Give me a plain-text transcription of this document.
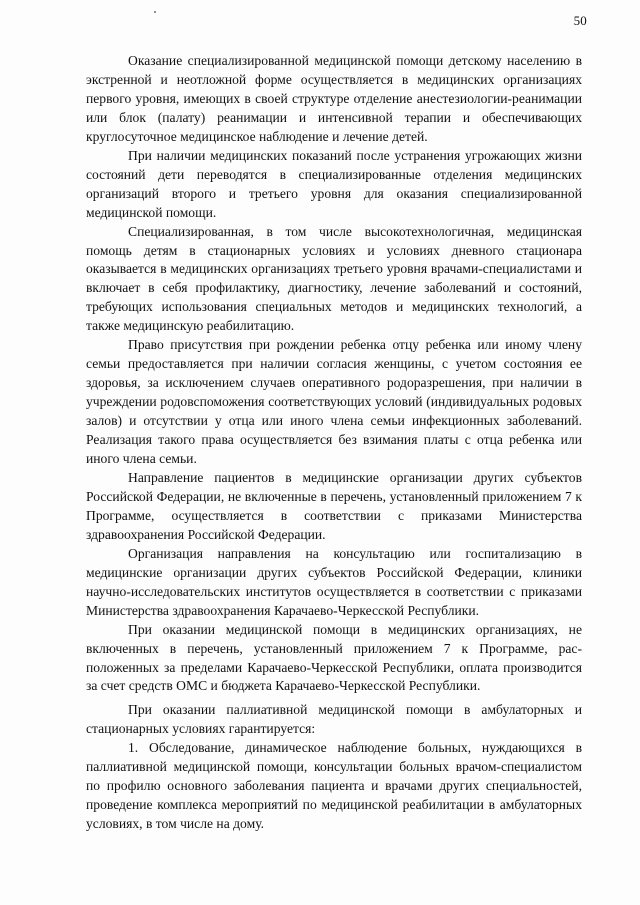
50

Оказание специализированной медицинской помощи детскому населению в экстренной и неотложной форме осуществляется в медицинских организациях первого уровня, имеющих в своей структуре отделение анестезиологии-реанимации или блок (палату) реанимации и интенсивной терапии и обеспечивающих круглосуточное медицинское наблюдение и лечение детей.

При наличии медицинских показаний после устранения угрожающих жизни состояний дети переводятся в специализированные отделения медицинских организаций второго и третьего уровня для оказания специализированной медицинской помощи.

Специализированная, в том числе высокотехнологичная, медицинская помощь детям в стационарных условиях и условиях дневного стационара оказывается в медицинских организациях третьего уровня врачами-специалистами и включает в себя профилактику, диагностику, лечение заболеваний и состояний, требующих использования специальных методов и медицинских технологий, а также медицинскую реабилитацию.

Право присутствия при рождении ребенка отцу ребенка или иному члену семьи предоставляется при наличии согласия женщины, с учетом состояния ее здоровья, за исключением случаев оперативного родоразрешения, при наличии в учреждении родовспоможения соответствующих условий (индивидуальных родовых залов) и отсутствии у отца или иного члена семьи инфекционных заболеваний. Реализация такого права осуществляется без взимания платы с отца ребенка или иного члена семьи.

Направление пациентов в медицинские организации других субъектов Российской Федерации, не включенные в перечень, установленный приложением 7 к Программе, осуществляется в соответствии с приказами Министерства здравоохранения Российской Федерации.

Организация направления на консультацию или госпитализацию в медицинские организации других субъектов Российской Федерации, клиники научно-исследовательских институтов осуществляется в соответствии с приказами Министерства здравоохранения Карачаево-Черкесской Республики.

При оказании медицинской помощи в медицинских организациях, не включенных в перечень, установленный приложением 7 к Программе, расположенных за пределами Карачаево-Черкесской Республики, оплата производится за счет средств ОМС и бюджета Карачаево-Черкесской Республики.

При оказании паллиативной медицинской помощи в амбулаторных и стационарных условиях гарантируется:

1. Обследование, динамическое наблюдение больных, нуждающихся в паллиативной медицинской помощи, консультации больных врачом-специалистом по профилю основного заболевания пациента и врачами других специальностей, проведение комплекса мероприятий по медицинской реабилитации в амбулаторных условиях, в том числе на дому.
